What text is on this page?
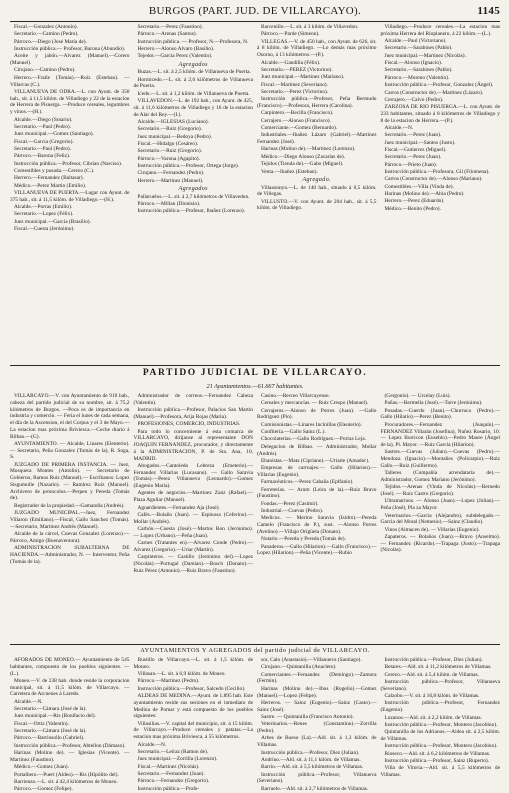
BURGOS (PART. JUD. DE VILLARCAYO).	1145

Fiscal.—Gonzalez (Antonio).

Secretario.—Camino (Pedro).

Párroco.—Diego (José María de).

Instrucción pública.— Profesor, Barona (Abundio).

Aceite y jabón.—Alvarez (Manuel).—Corero (Manuel).

Cirujano.—Camino (Pedro).

Herrero.—Fraile (Tomás).—Ruiz (Esteban). — Villarcas (C.).

VILLANUEVA DE ODRA.—L. con Ayunt. de 350 hab., sit. á 11,5 kilóm. de Villadiego y 22 de la estacion de Herrera de Pisuerga. —Produce cereales, legumbres y vinos.—(H.).

Alcalde.—Diego (Sotario).

Secretario.—Paul (Pedro).

Juez municipal.—Gomez (Santiago).

Fiscal.—Garcia (Gregorio).

Secretario.—Paul (Pedro).

Párroco.—Barona (Feliz).

Instrucción pública.—Profesor, Cibrian (Narciso).

Comestibles y posada.—Cerezo (C.).

Herrero.—Fernandez (Baltasar).

Médico.—Perez Martin (Emilio).

VILLANUEVA DE PUERTA.—Lugar con Ayunt. de 375 hab., sit. á 11,5 kilóm. de Villadiego.—(H.).

Alcalde.—Porras (Emilio).

Secretario.—Lopez (Félix).

Juez municipal.—Garcia (Brasilio).

Fiscal.—Cuesta (Jerónimo).

Secretario.—Perez (Faustino).

Párroco.—Arenas (Santos).

Instrucción pública. — Profesor, N.—Profesora, N.

Herrero.—Alonso Alvaro (Basilio).

Tejedor.—Garcia Perez (Valentin).

Agregados

Buzas.—L. sit. á 2,5 kilóm. de Villanueva de Puerta.

Hormicedo.—L. sit. á 2,6 kilómetros de Villanueva de Puerta.

Icedo.—L. sit. á 1,2 kilóm. de Villanueva de Puerta.

VILLAVEDON.—L. de 192 hab., con Ayunt. de 425, sit. á 11,6 kilómetros de Villadiego y 16 de la estacion de Alar del Rey.—(I.).

Alcalde.—IGLESIAS (Luciano).

Secretario.—Ruiz (Gregorio).

Juez municipal.—Bedoya (Pedro).

Fiscal.—Hidalgo (Cesáreo).

Secretario.—Ruiz (Gregorio).

Párroco.—Varona (Agapito).

Instrucción pública.—Profesor, Ortega (Jorge).

Cirujano.—Fernandez (Pedro).

Herrero.—Martinez (Manuel).

Agregados

Pallaruelos.—L. sit. á 2,7 kilómetros de Villavedon.

Párroco.—Millan (Dionisio).

Instrucción pública.—Profesor, Ibañez (Lorenzo).

Barcenillo.—L. sit. á 3 kilóm. de Villavedon.

Párroco.—Parde (Simeon).

VILLEGAS.—V. de 450 hab., con Ayunt. de 626, sit. á 8 kilóm. de Villadiego. —Lo demás mas próximo Osorno, á 13 kilómetros.—(P.).

Alcalde.—Gandilla (Félix).

Secretario.—PEREZ (Victorino).

Juez municipal.—Martinez (Mariano).

Fiscal.—Martinez (Severiano).

Secretario.—Perez (Victorino).

Instrucción pública.—Profesor, Peña Bermudo (Francisco).—Profesora, Herrera (Carolina).

Carpintero.—Becilla (Francisco).

Cerrajero.—Alonso (Francisco).

Comerciante.—Gomez (Bernardo).

Industriales.—Ibañez Lázaro (Gabriel).—Martinez Fernandez (José).

Harinas (Molino de).—Martinez (Lorenzo).

Médico.—Diego Alonso (Zacarías de).

Tejidos (Tienda de).—Gabo (Miguel).

Venta.—Ibañez (Esteban).

Agregado.

Villasonnyn.—L. de 140 hab., situado á 0,5 kilóm. de Villegas.

VILLUSTO.—V. con Ayunt. de 204 hab., sit. á 5,5 kilóm. de Villadiego.

Villadiego.—Produce cereales.—La estacion mas próxima Herrera del Rioplanero, á 22 kilóm.—(L.).

Alcalde.—Paul (Victoriano).

Secretario.—Sarabines (Pablo).

Juez municipal.—Martinez (Nicolás).

Fiscal.—Alonso (Ignacio).

Secretario.—Sarabines (Pablo).

Párroco.—Moreno (Valentin).

Instrucción pública.—Profesor, Gonzalez (Ángel).

Carros (Constructor de).—Martinez (Lázaro).

Cerrajero.—Calvo (Pedro).

ZARZOSA DE RIO PISUERGA.—L. con Ayunt. de 233 habitantes, situado á 8 kilómetros de Villadiego y 8 de la estacion de Herrera.—(P.).

Alcalde.—N.

Secretario.—Perez (Juan).

Juez municipal.—Santos (Justo).

Fiscal.—Gutierrez (Miguel).

Secretario.—Perez (Juan).

Párroco.—Prieto (Juan).

Instrucción pública.—Profesora, Gil (Filomena).

Carros (Constructor de).—Alonso (Mariano).

Comestibles.—Villa (Vinda de).

Harinas (Molino de).—Abia (Pedro).

Herrero.—Perez (Eduardo).

Médico.—Benito (Pedro).

PARTIDO JUDICIAL DE VILLARCAYO.
21 Ayuntamientos.—61.667 habitantes.

VILLARCAYO.—V. con Ayuntamiento de 910 hab., cabeza del partido judicial de su nombre, sit. á 75,2 kilómetros de Burgos. —Poca es de importancia en industria y comercio. — Feria el lunes de cada semana, el día de la Ascension, el del Corpus y el 3 de Mayo.—La estacion mas próxima Briviesca.—Coche diario á Bilbao.—(G).

AYUNTAMIENTO. — Alcalde, Linares (Eleuterio). — Secretario, Peña Gonzalez (Tomás de la), R. Soga, S.

JUZGADO DE PRIMERA INSTANCIA. — Juez, Mosquera Montes (Antolin). — Secretario de Gobierno, Ramos Ruiz (Manuel).— Escribanos: Lopez Sisgumulle (Nazario). — Ramírez Ruiz (Manuel). Archivero de protocolos.—Perpen y Pereda (Tomás de).

Registrador de la propiedad.—Gamandia (Andrés).

JUZGADO MUNICIPAL.—Juez, Fernandez Villaron (Emiliano).—Fiscal, Gallo Sanchez (Tomás).—Secretario, Martinez Andrés (Manuel).

Alcaide de la cárcel, Cuevas Gonzalez (Lorenzo).—Párroco, Amigo (Buenaventura).

ADMINISTRACION SUBALTERNA DE HACIENDA.—Administrador, N. — Interventor, Peña (Tomás de la).

Administrador de correos.—Fernandez Cabeza (Valentin).

Instrucción pública.—Profesor, Palacios San Martin (Manuel).—Profesora, Arija Rojas (Maria).

PROFESIONES, COMERCIO, INDUSTRIAS.

Para todo lo concerniente á esta comarca de VILLARCAYO, diríjanse al representante DON JOAQUIN FERNANDEZ, procurador, y directamente á la ADMINISTRACION, P. de Sta. Ana, 10, MADRID.

Abogados.—Cantoledo Lebreza (Emeterio).—Fernandez Villarias (Lucasano). — Gallo Saravia (Tomás).—Perez Villanueva (Leonardo).—Gomez (Eugenio María).

Agentes de negocios.—Martinez Zanz (Rafael).—Plaza Aguilar (Manuel).

Aguardientes.—Fernandez Aja (José).

Cafés.—Bolaño (Juan). — Espinosa (Ceferino).—Mollar (Andrés).

Carbón.—Cuesta (José).—Martos Ron (Jerónimo). — Lopez (Urbano).—Peña (Juan).

Carnes (Tratantes en).—Alvarez Conde (Pedro).—Alvarez (Gregorio).—Uriar (Martin).

Carpinteros. — Castillo (Jerónimo del).—Lopez (Nicolás).—Portugal (Damian).—Bosch (Donato).—Ruiz Pérez (Antonio).—Ruiz Bravo (Faustino).

Casino.—Recreo Villarcayense.

Cereales y mercancías. — Ruiz Crespo (Manuel).

Cerrajeros.—Alonso de Porres (Juan). —Gallo Rodríguez (Pio).

Comisionistas.—Linares Incinillas (Eleuterio).

Confitería.—Gallo Sainz (L.).

Chocolaterías.—Gallo Rodríguez.—Porras Leja.

Delegacion de Bilbao. — Administrador, Mollar (Andrés).

Ebanistas.—Mata (Cipriano).—Uriarte (Amador).

Empresas de carruajes.— Gallo (Hilarion).—Villarias (Eugenio).

Farmacéuticos.—Perez Cabaña (Eplfanio).

Ferreterías. — Arum (Leira de la).—Ruiz Bravo (Faustino).

Fondas.—Perez (Casimir).

Industrial.—Cuevas (Pedro).

Medicos. — Merino Saravia (Isidro).—Pereda Camelo (Francisco de P.), sust. —Alonso Porres (Avelino).—Villajo Origüela (Donato).

Notario.—Pereda y Pereda (Tomás de).

Panaderos.—Gallo (Hilarion).—Gallo (Francisco).—Lopez (Hilarion).—Peña (Vicente).—Rubio

(Gergonio). — Urcelay (Luis).

Pañas.—Bermella (José).—Torre (Jerónimo).

Posadas.—Cuerdo (Juan).—Churruca (Pedro).—Gallo (Hilario).—Perez (Benito).

Procuradores.—Fernandez (Joaquín).—FERNANDEZ Villarán (Josefina), Nuñez Rosario, 10. — Lopez Borricon (Eusebio).—Pedro Maure (Ángel de la), Pl. Mayor. —Ruiz García (Hilarion).

Sastres.—Cuevas (Julian).—Cuevas (Pedro).—Mendoza (Ignacio).—Montañes (Policarpio).—Ruiz Gallo.—Ruiz (Guillermo).

Talleres (Compañía arrendataria de).—Administrador, Gomez Mariano (Jerónimo).

Tejidos.—Arenas (Vinda de Nicolás).—Bernedo (José). — Ruiz Castro (Gregorio).

Ultramarinos. — Alonso (Juan).—Lopez (Julian).—Peña (José), Pla za Mayor.

Veterinarios.—Garcia (Alejandro), subdelegado.—Garcia del Moral (Nemesio).—Sainz (Claudio).

Vinos (Almacen de). — Villarias (Eugenio).

Zapateros. — Bolaños (Juan).—Bravo (Anselmo). — Fernandez (Ricardo).—Trapaga (Justo).—Trapaga (Nicolás).

AYUNTAMIENTOS Y AGREGADOS del partido judicial de VILLARCAYO.

AFORADOS DE MONEO.— Ayuntamiento de 545 habitantes, compuesto de los pueblos siguientes. —(L.).

Moneo.—V. de 238 hab. donde reside la corporacion municipal, sit. á 11,5 kilóm. de Villarcayo. — Carretera de Arcuenes á Laredo.

Alcalde.—N.

Secretario.—Cámara (José de la).

Juez municipal.—Ris (Bonifacio del).

Fiscal.—Ortiz (Valentin).

Secretario.—Cámara (José de la).

Párroco.—Barriosollo (Gabriel).

Instrucción pública.—Profesor, Abtellon (Dámaso).

Harinas (Molino de). — Iglesias (Vicente). — Martinez (Faustino).

Médico.—Gomez (Juan).

Portalbero.—Puert (Aldeo).—Ris (Hipólito del).

Barrienzo.—L. sit. á 42,4 kilómetros de Moneo.

Párroco.—Gomez (Felipe).

Bustillo de Villarcayo.—L. sit. á 1,5 kilóm. de Moneo.

Villasan.—L. sit. á 6,9 kilóm. de Moneo.

Párroco.—Martinez (Pedro).

Instrucción pública.—Profesor, Salcedo (Cecilio).

ALDEAS DE MEDINA.—Ayunt. de 1.895 hab. Este ayuntamiento reside sus sesiones en el inmediato de Medina de Pomar y está compuesto de los pueblos siguientes:

Villasilias.—V. capital del municipio, sit. á 15 kilóm. de Villarcayo.—Produce cereales y patatas.—La estacion mas próxima Briviesca, á 55 kilómetros.

Alcalde.—N.

Secretario.—Leiraz (Ramon de).

Juez municipal.—Zorrilla (Lorenzo).

Fiscal.—Martinez (Nicolás).

Secretario.—Fernandez (Juan).

Párroco.—Fernandez (Gregorio).

Instrucción pública.—Profe-

sor, Calo (Anastasio).—Villanueva (Santiago).

Cirujano.—Quintanilla (Anacleto).

Comerciantes.—Fernandez (Demingo).—Zamora (Fermin).

Harinas (Molino de).—Ibos (Rogelio).—Gomez (Manuel).—Lopez (Felipe).

Herreros. — Sainz (Eugenio).—Sainz (Casto).—Sainz (José).

Sastre. — Quintanilla (Francisco Antonio).

Veterinarios.—Renes (Constantino).—Zorrilla (Pedro).

Arbes de Bueso (La).—Ald. sit. á 1,3 kilóm. de Villamas.

Instrucción pública.—Profesor, Diez (Julian).

Andrino.—Ald. sit. á 11,1 kilóm. de Villamas.

Barrio.—Ald. sit. á 5,5 kilómetros de Villamas.

Instrucción pública.—Profesor, Villanueva (Severiano).

Barruelo.—Ald. sit. á 2,7 kilómetros de Villamas.

Instrucción pública.—Profesor, Diez (Julian).

Betares.—Ald. sit. á 11,2 kilómetros de Villamas.

Cerezo.—Ald. sit. á 5,4 kilóm. de Villamas.

Instrucción pública.—Profesor, Villanueva (Severiano).

Calzobo.—V. sit. á 16,8 kilóm. de Villamas.

Instrucción pública.—Profesor, Fernandez (Eugenio).

Lozanos.—Ald. sit. á 2,2 kilóm. de Villamas.

Instrucción pública.—Profesor, Montero (Jacobino).

Quintanilla de los Adrianos.—Aldea sit. á 2,5 kilóm. de Villamas.

Instrucción pública.—Profesor, Montero (Jacobino).

Rioseco.—Ald. sit. á 6,2 kilómetros de Villamas.

Instrucción pública.—Profesor, Sainz (Ruperto).

Villa de Vitoria.—Ald. sit. á 5,5 kilómetros de Villamas.
